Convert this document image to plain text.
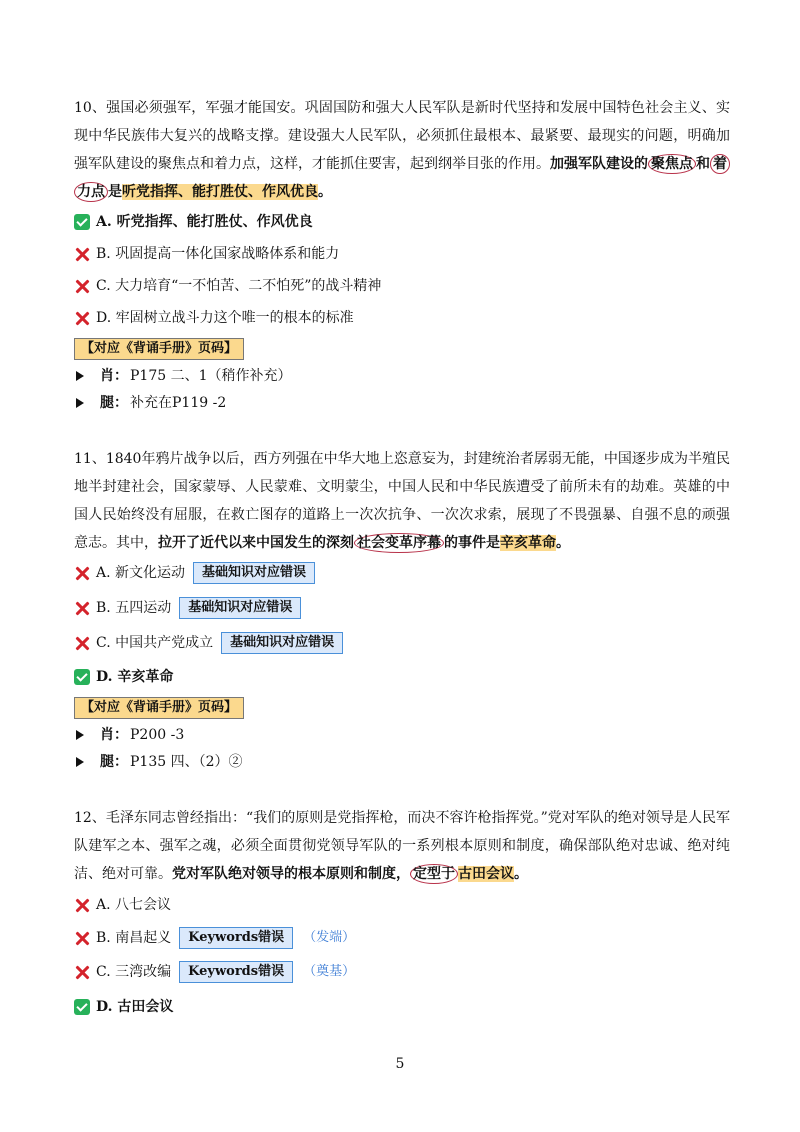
10、强国必须强军，军强才能国安。巩固国防和强大人民军队是新时代坚持和发展中国特色社会主义、实现中华民族伟大复兴的战略支撑。建设强大人民军队，必须抓住最根本、最紧要、最现实的问题，明确加强军队建设的聚焦点和着力点，这样，才能抓住要害，起到纲举目张的作用。加强军队建设的 聚焦点 和 着
力点 是听党指挥、能打胜仗、作风优良。
A. 听党指挥、能打胜仗、作风优良
B. 巩固提高一体化国家战略体系和能力
C. 大力培育“一不怕苦、二不怕死”的战斗精神
D. 牢固树立战斗力这个唯一的根本的标准
【对应《背诵手册》页码】
肖： P175 二、1（稍作补充）
腿： 补充在P119 -2
11、1840年鸦片战争以后，西方列强在中华大地上恣意妄为，封建统治者孱弱无能，中国逐步成为半殖民地半封建社会，国家蒙辱、人民蒙难、文明蒙尘，中国人民和中华民族遭受了前所未有的劫难。英雄的中国人民始终没有屈服，在救亡图存的道路上一次次抗争、一次次求索，展现了不畏强暴、自强不息的顽强意志。其中，拉开了近代以来中国发生的深刻 社会变革序幕 的事件是辛亥革命。
A. 新文化运动	基础知识对应错误
B. 五四运动	基础知识对应错误
C. 中国共产党成立	基础知识对应错误
D. 辛亥革命
【对应《背诵手册》页码】
肖： P200 -3
腿： P135 四、（2）②
12、毛泽东同志曾经指出：“我们的原则是党指挥枪，而决不容许枪指挥党。”党对军队的绝对领导是人民军队建军之本、强军之魂，必须全面贯彻党领导军队的一系列根本原则和制度，确保部队绝对忠诚、绝对纯洁、绝对可靠。党对军队绝对领导的根本原则和制度， 定型于 古田会议。
A. 八七会议
B. 南昌起义	Keywords错误	（发端）
C. 三湾改编	Keywords错误	（奠基）
D. 古田会议
5
